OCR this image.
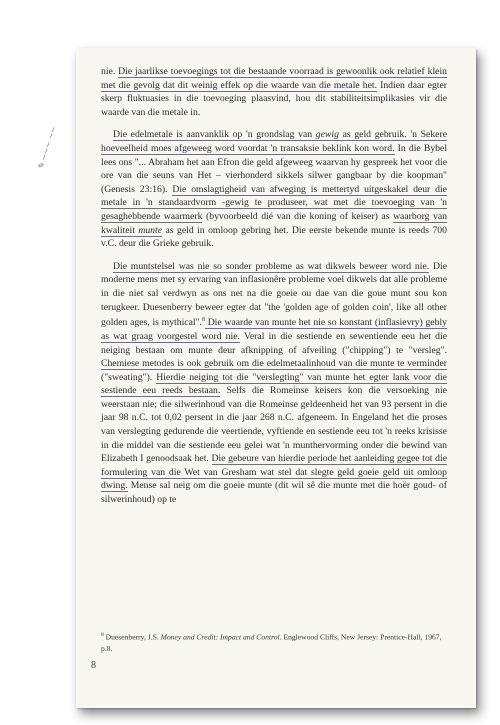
✎ ∼∼∼ ∼∼

nie. Die jaarlikse toevoegings tot die bestaande voorraad is gewoonlik ook relatief klein met die gevolg dat dit weinig effek op die waarde van die metale het. Indien daar egter skerp fluktuasies in die toevoeging plaasvind, hou dit stabiliteitsimplikasies vir die waarde van die metale in.

Die edelmetale is aanvanklik op 'n grondslag van gewig as geld gebruik. 'n Sekere hoeveelheid moes afgeweeg word voordat 'n transaksie beklink kon word. In die Bybel lees ons "... Abraham het aan Efron die geld afgeweeg waarvan hy gespreek het voor die ore van die seuns van Het – vierhonderd sikkels silwer gangbaar by die koopman" (Genesis 23:16). Die omslagtigheid van afweging is mettertyd uitgeskakel deur die metale in 'n standaardvorm -gewig te produseer, wat met die toevoeging van 'n gesaghebbende waarmerk (byvoorbeeld dié van die koning of keiser) as waarborg van kwaliteit munte as geld in omloop gebring het. Die eerste bekende munte is reeds 700 v.C. deur die Grieke gebruik.

Die muntstelsel was nie so sonder probleme as wat dikwels beweer word nie. Die moderne mens met sy ervaring van inflasionêre probleme voel dikwels dat alle probleme in die niet sal verdwyn as ons net na die goeie ou dae van die goue munt sou kon terugkeer. Duesenberry beweer egter dat "the 'golden age of golden coin', like all other golden ages, is mythical".$^8$ Die waarde van munte het nie so konstant (inflasievry) gebly as wat graag voorgestel word nie. Veral in die sestiende en sewentiende eeu het die neiging bestaan om munte deur afknipping of afveiling ("chipping") te "versleg". Chemiese metodes is ook gebruik om die edelmetaalinhoud van die munte te verminder ("sweating"). Hierdie neiging tot die "verslegting" van munte het egter lank voor die sestiende eeu reeds bestaan. Selfs die Romeinse keisers kon die versoeking nie weerstaan nie; die silwerinhoud van die Romeinse geldeenheid het van 93 persent in die jaar 98 n.C. tot 0,02 persent in die jaar 268 n.C. afgeneem. In Engeland het die proses van verslegting gedurende die veertiende, vyftiende en sestiende eeu tot 'n reeks krisisse in die middel van die sestiende eeu gelei wat 'n munthervorming onder die bewind van Elizabeth I genoodsaak het. Die gebeure van hierdie periode het aanleiding gegee tot die formulering van die Wet van Gresham wat stel dat slegte geld goeie geld uit omloop dwing. Mense sal neig om die goeie munte (dit wil sê die munte met die hoër goud- of silwerinhoud) op te

$^8$ Duesenberry, J.S. Money and Credit: Impact and Control. Englewood Cliffs, New Jersey: Prentice-Hall, 1967, p.8.
8
